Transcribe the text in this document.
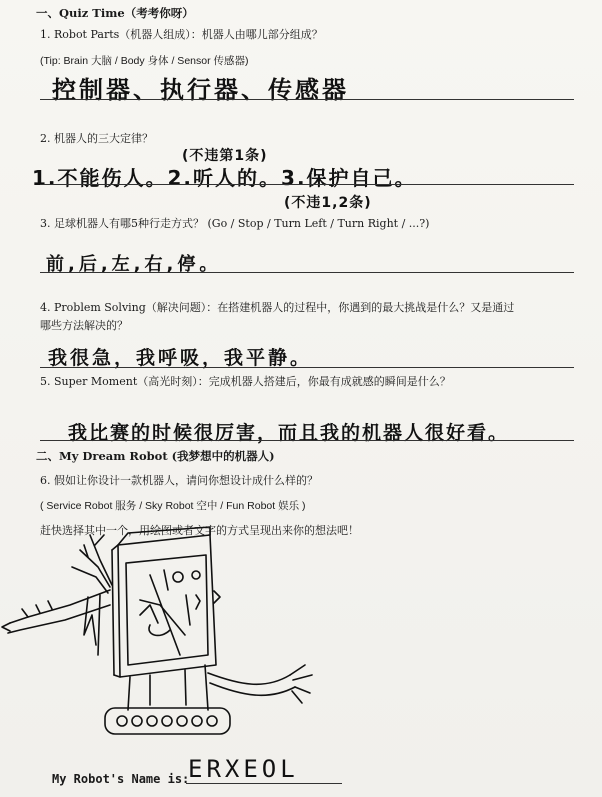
一、Quiz Time（考考你呀）
1. Robot Parts（机器人组成）：机器人由哪儿部分组成？
(Tip: Brain 大脑 / Body 身体 / Sensor 传感器)
控制器、执行器、传感器
2. 机器人的三大定律？
(不违第1条)
1.不能伤人。2.听人的。3.保护自己。
(不违1,2条)
3. 足球机器人有哪5种行走方式？ (Go / Stop / Turn Left / Turn Right / ...?)
前,后,左,右,停。
4. Problem Solving（解决问题）：在搭建机器人的过程中，你遇到的最大挑战是什么？又是通过
哪些方法解决的？
我很急，我呼吸，我平静。
5. Super Moment（高光时刻）：完成机器人搭建后，你最有成就感的瞬间是什么？
我比赛的时候很厉害，而且我的机器人很好看。
二、My Dream Robot (我梦想中的机器人)
6. 假如让你设计一款机器人，请问你想设计成什么样的？
( Service Robot 服务 / Sky Robot 空中 / Fun Robot 娱乐 )
赶快选择其中一个，用绘图或者文字的方式呈现出来你的想法吧！
My Robot's Name is:
ERXEOL
